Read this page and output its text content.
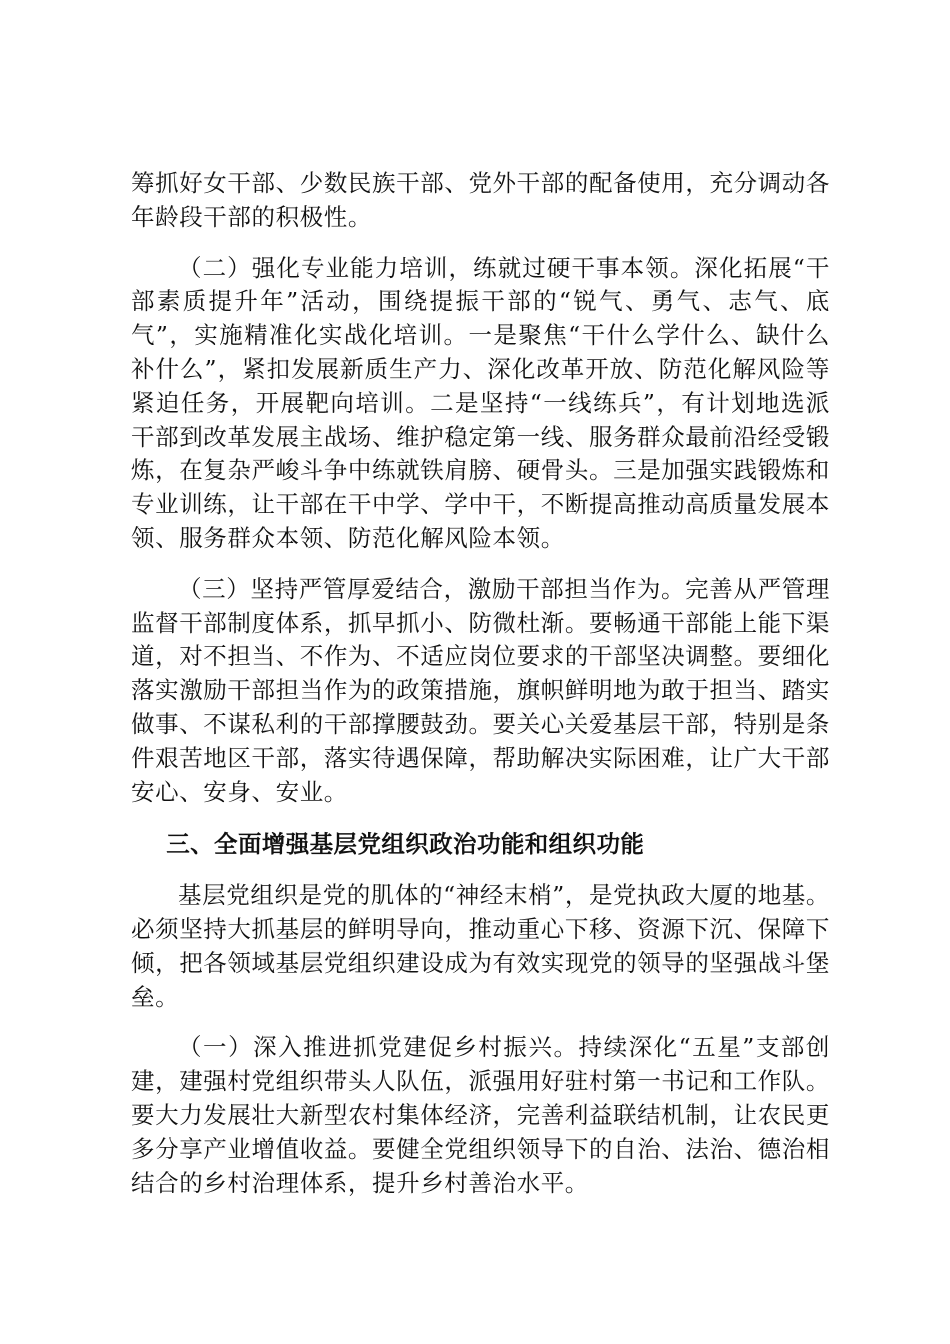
筹抓好女干部、少数民族干部、党外干部的配备使用，充分调动各年龄段干部的积极性。

（二）强化专业能力培训，练就过硬干事本领。深化拓展“干部素质提升年”活动，围绕提振干部的“锐气、勇气、志气、底气”，实施精准化实战化培训。一是聚焦“干什么学什么、缺什么补什么”，紧扣发展新质生产力、深化改革开放、防范化解风险等紧迫任务，开展靶向培训。二是坚持“一线练兵”，有计划地选派干部到改革发展主战场、维护稳定第一线、服务群众最前沿经受锻炼，在复杂严峻斗争中练就铁肩膀、硬骨头。三是加强实践锻炼和专业训练，让干部在干中学、学中干，不断提高推动高质量发展本领、服务群众本领、防范化解风险本领。

（三）坚持严管厚爱结合，激励干部担当作为。完善从严管理监督干部制度体系，抓早抓小、防微杜渐。要畅通干部能上能下渠道，对不担当、不作为、不适应岗位要求的干部坚决调整。要细化落实激励干部担当作为的政策措施，旗帜鲜明地为敢于担当、踏实做事、不谋私利的干部撑腰鼓劲。要关心关爱基层干部，特别是条件艰苦地区干部，落实待遇保障，帮助解决实际困难，让广大干部安心、安身、安业。

三、全面增强基层党组织政治功能和组织功能

基层党组织是党的肌体的“神经末梢”，是党执政大厦的地基。必须坚持大抓基层的鲜明导向，推动重心下移、资源下沉、保障下倾，把各领域基层党组织建设成为有效实现党的领导的坚强战斗堡垒。

（一）深入推进抓党建促乡村振兴。持续深化“五星”支部创建，建强村党组织带头人队伍，派强用好驻村第一书记和工作队。要大力发展壮大新型农村集体经济，完善利益联结机制，让农民更多分享产业增值收益。要健全党组织领导下的自治、法治、德治相结合的乡村治理体系，提升乡村善治水平。
